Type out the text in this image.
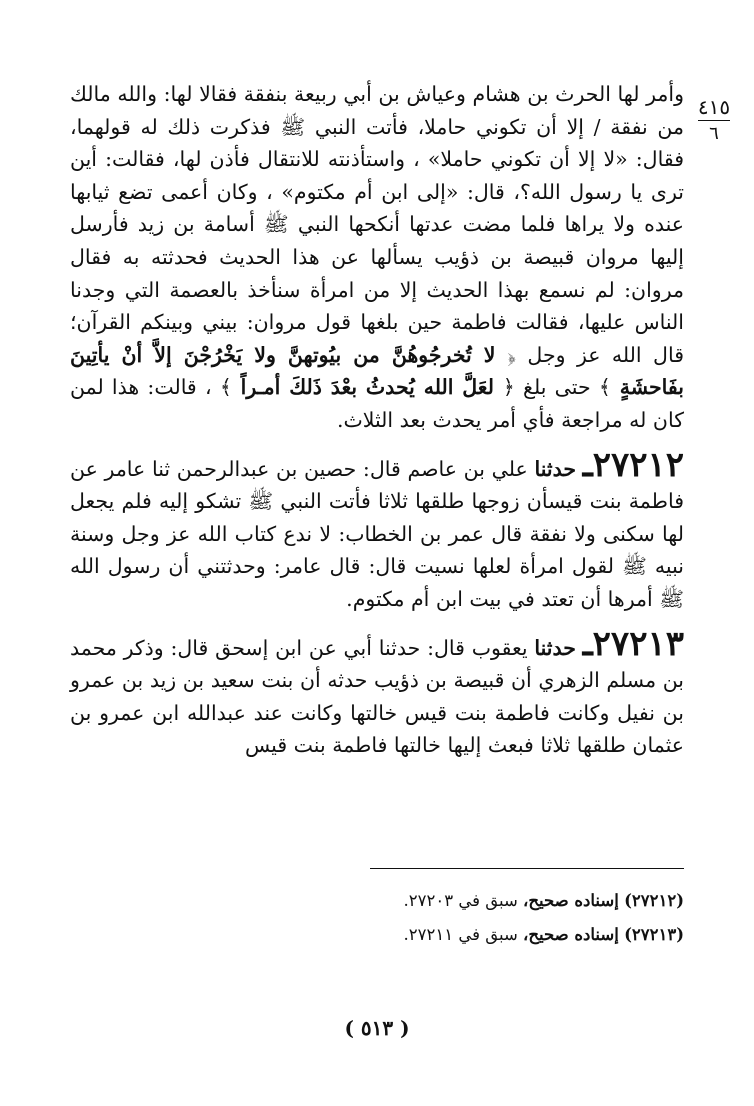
٤١٥
٦

وأمر لها الحرث بن هشام وعياش بن أبي ربيعة بنفقة فقالا لها: والله مالك من نفقة / إلا أن تكوني حاملا، فأتت النبي ﷺ فذكرت ذلك له قولهما، فقال: «لا إلا أن تكوني حاملا» ، واستأذنته للانتقال فأذن لها، فقالت: أين ترى يا رسول الله؟، قال: «إلى ابن أم مكتوم» ، وكان أعمى تضع ثيابها عنده ولا يراها فلما مضت عدتها أنكحها النبي ﷺ أسامة بن زيد فأرسل إليها مروان قبيصة بن ذؤيب يسألها عن هذا الحديث فحدثته به فقال مروان: لم نسمع بهذا الحديث إلا من امرأة سنأخذ بالعصمة التي وجدنا الناس عليها، فقالت فاطمة حين بلغها قول مروان: بيني وبينكم القرآن؛ قال الله عز وجل ﴿ لا تُخرجُوهُنَّ من بيُوتهنَّ ولا يَخْرُجْنَ إلاَّ أنْ يأتِينَ بفَاحشَةٍ ﴾ حتى بلغ ﴿ لعَلَّ الله يُحدثُ بعْدَ ذَلكَ أمـراً ﴾ ، قالت: هذا لمن كان له مراجعة فأي أمر يحدث بعد الثلاث.

٢٧٢١٢ـ حدثنا علي بن عاصم قال: حصين بن عبدالرحمن ثنا عامر عن فاطمة بنت قيسأن زوجها طلقها ثلاثا فأتت النبي ﷺ تشكو إليه فلم يجعل لها سكنى ولا نفقة قال عمر بن الخطاب: لا ندع كتاب الله عز وجل وسنة نبيه ﷺ لقول امرأة لعلها نسيت قال: قال عامر: وحدثتني أن رسول الله ﷺ أمرها أن تعتد في بيت ابن أم مكتوم.

٢٧٢١٣ـ حدثنا يعقوب قال: حدثنا أبي عن ابن إسحق قال: وذكر محمد بن مسلم الزهري أن قبيصة بن ذؤيب حدثه أن بنت سعيد بن زيد بن عمرو بن نفيل وكانت فاطمة بنت قيس خالتها وكانت عند عبدالله ابن عمرو بن عثمان طلقها ثلاثا فبعث إليها خالتها فاطمة بنت قيس

(٢٧٢١٢) إسناده صحيح، سبق في ٢٧٢٠٣.

(٢٧٢١٣) إسناده صحيح، سبق في ٢٧٢١١.

( ٥١٣ )
